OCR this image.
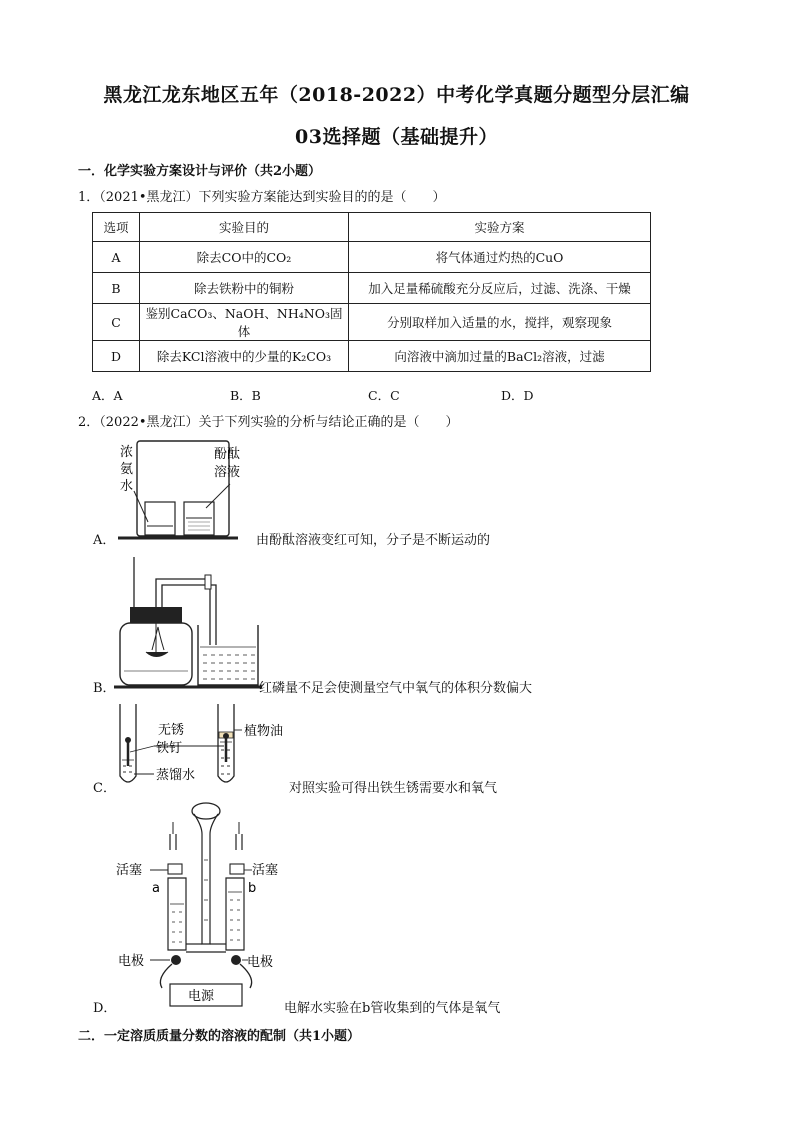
黑龙江龙东地区五年（2018-2022）中考化学真题分题型分层汇编
03选择题（基础提升）
一．化学实验方案设计与评价（共2小题）
1．（2021•黑龙江）下列实验方案能达到实验目的的是（　　）
选项	实验目的	实验方案
A	除去CO中的CO₂	将气体通过灼热的CuO
B	除去铁粉中的铜粉	加入足量稀硫酸充分反应后，过滤、洗涤、干燥
C	鉴别CaCO₃、NaOH、NH₄NO₃固体	分别取样加入适量的水，搅拌，观察现象
D	除去KCl溶液中的少量的K₂CO₃	向溶液中滴加过量的BaCl₂溶液，过滤
A．A	B．B	C．C	D．D
2．（2022•黑龙江）关于下列实验的分析与结论正确的是（　　）
浓
氨
水
酚酞
溶液
A．	由酚酞溶液变红可知，分子是不断运动的
B．	红磷量不足会使测量空气中氧气的体积分数偏大
无锈
铁钉
蒸馏水
植物油
C．	对照实验可得出铁生锈需要水和氧气
活塞	活塞
a	b
电极	电极
电源
D．	电解水实验在b管收集到的气体是氧气
二．一定溶质质量分数的溶液的配制（共1小题）
